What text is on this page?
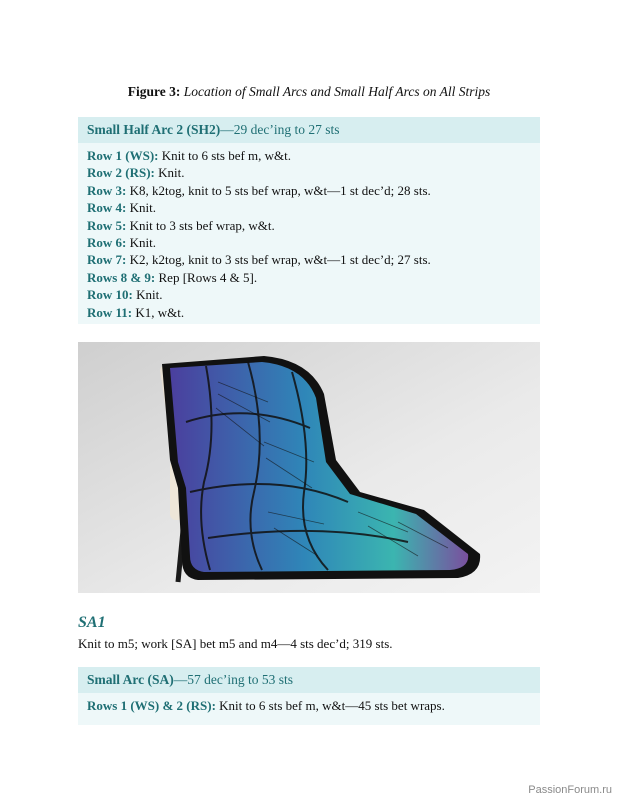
Figure 3: Location of Small Arcs and Small Half Arcs on All Strips
Small Half Arc 2 (SH2)—29 dec’ing to 27 sts
Row 1 (WS): Knit to 6 sts bef m, w&t.
Row 2 (RS): Knit.
Row 3: K8, k2tog, knit to 5 sts bef wrap, w&t—1 st dec’d; 28 sts.
Row 4: Knit.
Row 5: Knit to 3 sts bef wrap, w&t.
Row 6: Knit.
Row 7: K2, k2tog, knit to 3 sts bef wrap, w&t—1 st dec’d; 27 sts.
Rows 8 & 9: Rep [Rows 4 & 5].
Row 10: Knit.
Row 11: K1, w&t.
SA1
Knit to m5; work [SA] bet m5 and m4—4 sts dec’d; 319 sts.
Small Arc (SA)—57 dec’ing to 53 sts
Rows 1 (WS) & 2 (RS): Knit to 6 sts bef m, w&t—45 sts bet wraps.
PassionForum.ru
